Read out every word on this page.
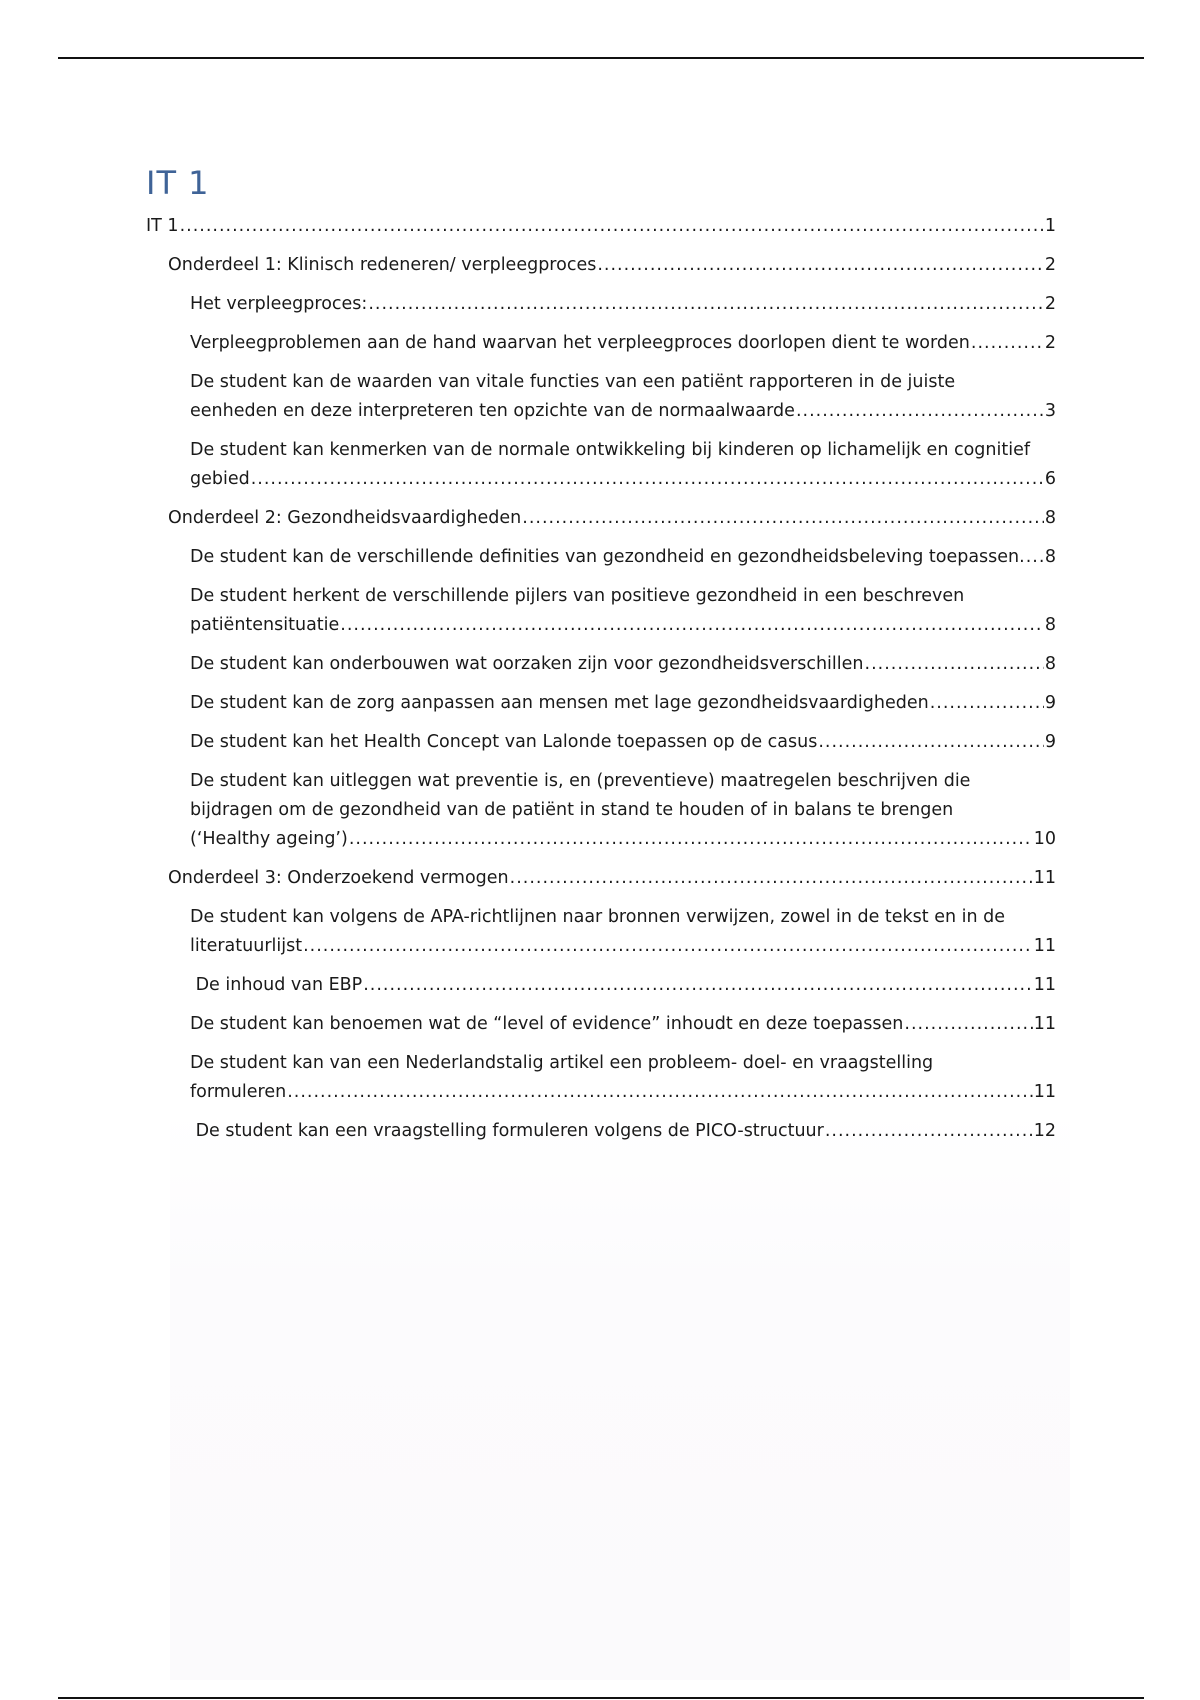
IT 1
IT 1 .....	1
Onderdeel 1: Klinisch redeneren/ verpleegproces .....	2
Het verpleegproces: .....	2
Verpleegproblemen aan de hand waarvan het verpleegproces doorlopen dient te worden .....	2
De student kan de waarden van vitale functies van een patiënt rapporteren in de juiste
eenheden en deze interpreteren ten opzichte van de normaalwaarde .....	3
De student kan kenmerken van de normale ontwikkeling bij kinderen op lichamelijk en cognitief
gebied .....	6
Onderdeel 2: Gezondheidsvaardigheden .....	8
De student kan de verschillende definities van gezondheid en gezondheidsbeleving toepassen. ..... 8
De student herkent de verschillende pijlers van positieve gezondheid in een beschreven
patiëntensituatie .....	8
De student kan onderbouwen wat oorzaken zijn voor gezondheidsverschillen .....	8
De student kan de zorg aanpassen aan mensen met lage gezondheidsvaardigheden .....	9
De student kan het Health Concept van Lalonde toepassen op de casus .....	9
De student kan uitleggen wat preventie is, en (preventieve) maatregelen beschrijven die
bijdragen om de gezondheid van de patiënt in stand te houden of in balans te brengen
(‘Healthy ageing’) .....	10
Onderdeel 3: Onderzoekend vermogen .....	11
De student kan volgens de APA-richtlijnen naar bronnen verwijzen, zowel in de tekst en in de
literatuurlijst .....	11
De inhoud van EBP .....	11
De student kan benoemen wat de “level of evidence” inhoudt en deze toepassen .....	11
De student kan van een Nederlandstalig artikel een probleem- doel- en vraagstelling
formuleren .....	11
De student kan een vraagstelling formuleren volgens de PICO-structuur .....	12
